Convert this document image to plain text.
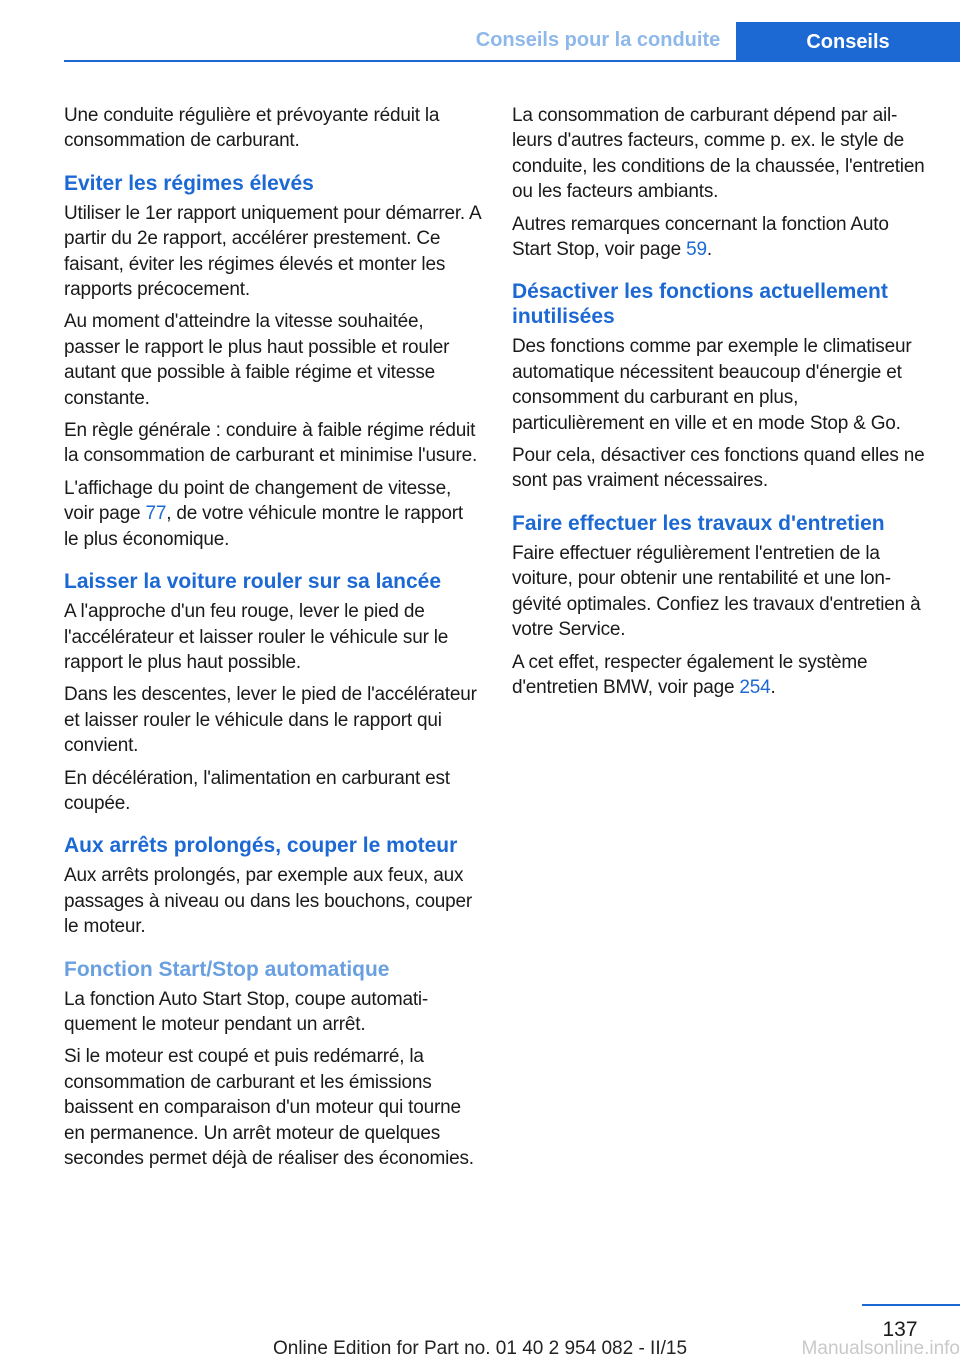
Conseils pour la conduite	Conseils

Une conduite régulière et prévoyante réduit la consommation de carburant.

Eviter les régimes élevés

Utiliser le 1er rapport uniquement pour démarrer. A partir du 2e rapport, accélérer prestement. Ce faisant, éviter les régimes élevés et monter les rapports précocement.

Au moment d'atteindre la vitesse souhaitée, passer le rapport le plus haut possible et rouler autant que possible à faible régime et vitesse constante.

En règle générale : conduire à faible régime réduit la consommation de carburant et minimise l'usure.

L'affichage du point de changement de vitesse, voir page 77, de votre véhicule montre le rapport le plus économique.

Laisser la voiture rouler sur sa lancée

A l'approche d'un feu rouge, lever le pied de l'accélérateur et laisser rouler le véhicule sur le rapport le plus haut possible.

Dans les descentes, lever le pied de l'accélérateur et laisser rouler le véhicule dans le rapport qui convient.

En décélération, l'alimentation en carburant est coupée.

Aux arrêts prolongés, couper le moteur

Aux arrêts prolongés, par exemple aux feux, aux passages à niveau ou dans les bouchons, couper le moteur.

Fonction Start/Stop automatique

La fonction Auto Start Stop, coupe automatiquement le moteur pendant un arrêt.

Si le moteur est coupé et puis redémarré, la consommation de carburant et les émissions baissent en comparaison d'un moteur qui tourne en permanence. Un arrêt moteur de quelques secondes permet déjà de réaliser des économies.

La consommation de carburant dépend par ailleurs d'autres facteurs, comme p. ex. le style de conduite, les conditions de la chaussée, l'entretien ou les facteurs ambiants.

Autres remarques concernant la fonction Auto Start Stop, voir page 59.

Désactiver les fonctions actuellement inutilisées

Des fonctions comme par exemple le climatiseur automatique nécessitent beaucoup d'énergie et consomment du carburant en plus, particulièrement en ville et en mode Stop & Go.

Pour cela, désactiver ces fonctions quand elles ne sont pas vraiment nécessaires.

Faire effectuer les travaux d'entretien

Faire effectuer régulièrement l'entretien de la voiture, pour obtenir une rentabilité et une longévité optimales. Confiez les travaux d'entretien à votre Service.

A cet effet, respecter également le système d'entretien BMW, voir page 254.

137
Online Edition for Part no. 01 40 2 954 082 - II/15	Manualsonline.info
